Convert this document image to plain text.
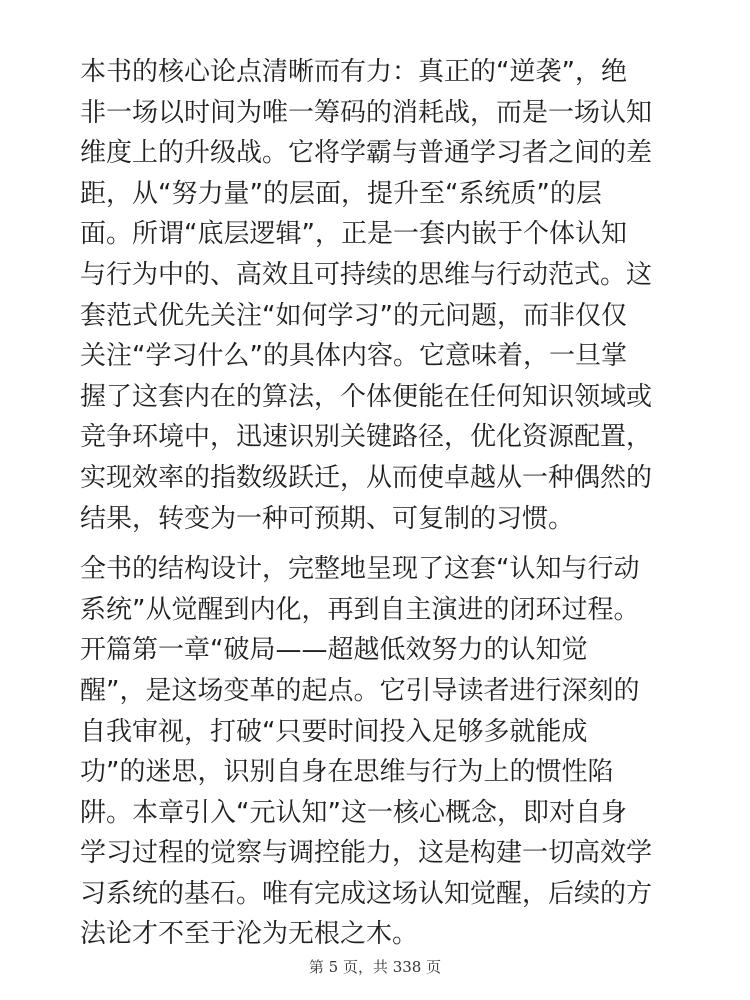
本书的核心论点清晰而有力：真正的“逆袭”，绝
非一场以时间为唯一筹码的消耗战，而是一场认知
维度上的升级战。它将学霸与普通学习者之间的差
距，从“努力量”的层面，提升至“系统质”的层
面。所谓“底层逻辑”，正是一套内嵌于个体认知
与行为中的、高效且可持续的思维与行动范式。这
套范式优先关注“如何学习”的元问题，而非仅仅
关注“学习什么”的具体内容。它意味着，一旦掌
握了这套内在的算法，个体便能在任何知识领域或
竞争环境中，迅速识别关键路径，优化资源配置，
实现效率的指数级跃迁，从而使卓越从一种偶然的
结果，转变为一种可预期、可复制的习惯。
全书的结构设计，完整地呈现了这套“认知与行动
系统”从觉醒到内化，再到自主演进的闭环过程。
开篇第一章“破局——超越低效努力的认知觉
醒”，是这场变革的起点。它引导读者进行深刻的
自我审视，打破“只要时间投入足够多就能成
功”的迷思，识别自身在思维与行为上的惯性陷
阱。本章引入“元认知”这一核心概念，即对自身
学习过程的觉察与调控能力，这是构建一切高效学
习系统的基石。唯有完成这场认知觉醒，后续的方
法论才不至于沦为无根之木。
第 5 页，共 338 页
